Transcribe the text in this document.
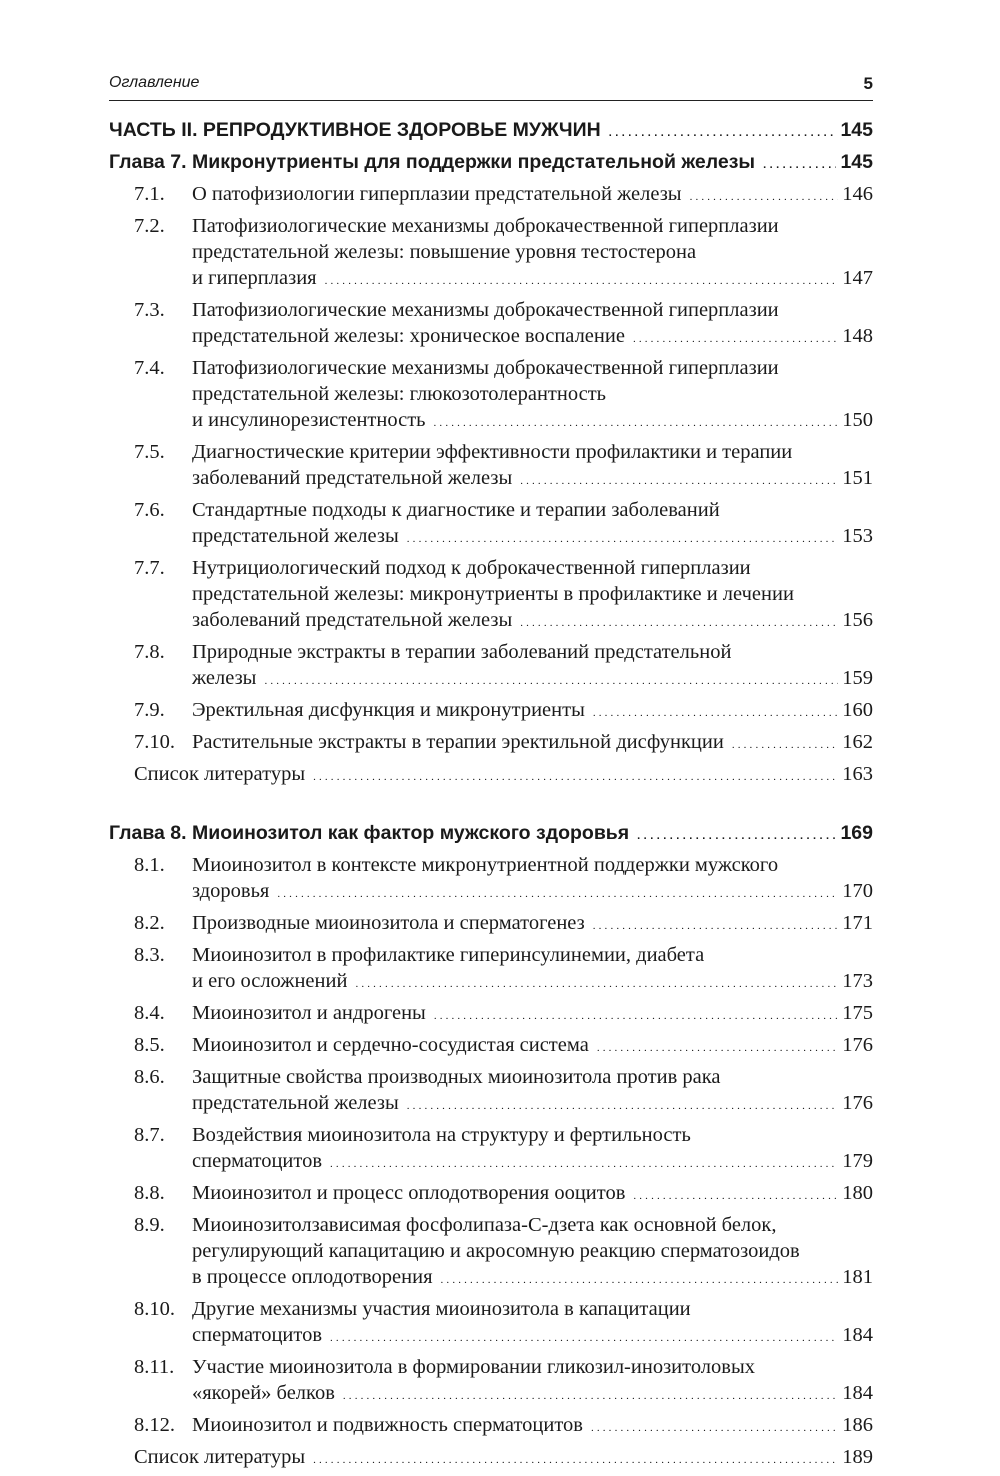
Оглавление	5
ЧАСТЬ II. РЕПРОДУКТИВНОЕ ЗДОРОВЬЕ МУЖЧИН . . .	145
Глава 7. Микронутриенты для поддержки предстательной железы . . .	145
7.1.	О патофизиологии гиперплазии предстательной железы . . .	146
7.2.	Патофизиологические механизмы доброкачественной гиперплазии
предстательной железы: повышение уровня тестостерона
и гиперплазия . . .	147
7.3.	Патофизиологические механизмы доброкачественной гиперплазии
предстательной железы: хроническое воспаление . . .	148
7.4.	Патофизиологические механизмы доброкачественной гиперплазии
предстательной железы: глюкозотолерантность
и инсулинорезистентность . . .	150
7.5.	Диагностические критерии эффективности профилактики и терапии
заболеваний предстательной железы . . .	151
7.6.	Стандартные подходы к диагностике и терапии заболеваний
предстательной железы . . .	153
7.7.	Нутрициологический подход к доброкачественной гиперплазии
предстательной железы: микронутриенты в профилактике и лечении
заболеваний предстательной железы . . .	156
7.8.	Природные экстракты в терапии заболеваний предстательной
железы . . .	159
7.9.	Эректильная дисфункция и микронутриенты . . .	160
7.10. Растительные экстракты в терапии эректильной дисфункции . . .	162
Список литературы . . .	163
Глава 8. Миоинозитол как фактор мужского здоровья . . .	169
8.1.	Миоинозитол в контексте микронутриентной поддержки мужского
здоровья . . .	170
8.2.	Производные миоинозитола и сперматогенез . . .	171
8.3.	Миоинозитол в профилактике гиперинсулинемии, диабета
и его осложнений . . .	173
8.4.	Миоинозитол и андрогены . . .	175
8.5.	Миоинозитол и сердечно-сосудистая система . . .	176
8.6.	Защитные свойства производных миоинозитола против рака
предстательной железы . . .	176
8.7.	Воздействия миоинозитола на структуру и фертильность
сперматоцитов . . .	179
8.8.	Миоинозитол и процесс оплодотворения ооцитов . . .	180
8.9.	Миоинозитолзависимая фосфолипаза-С-дзета как основной белок,
регулирующий капацитацию и акросомную реакцию сперматозоидов
в процессе оплодотворения . . .	181
8.10. Другие механизмы участия миоинозитола в капацитации
сперматоцитов . . .	184
8.11. Участие миоинозитола в формировании гликозил-инозитоловых
«якорей» белков . . .	184
8.12. Миоинозитол и подвижность сперматоцитов . . .	186
Список литературы . . .	189
